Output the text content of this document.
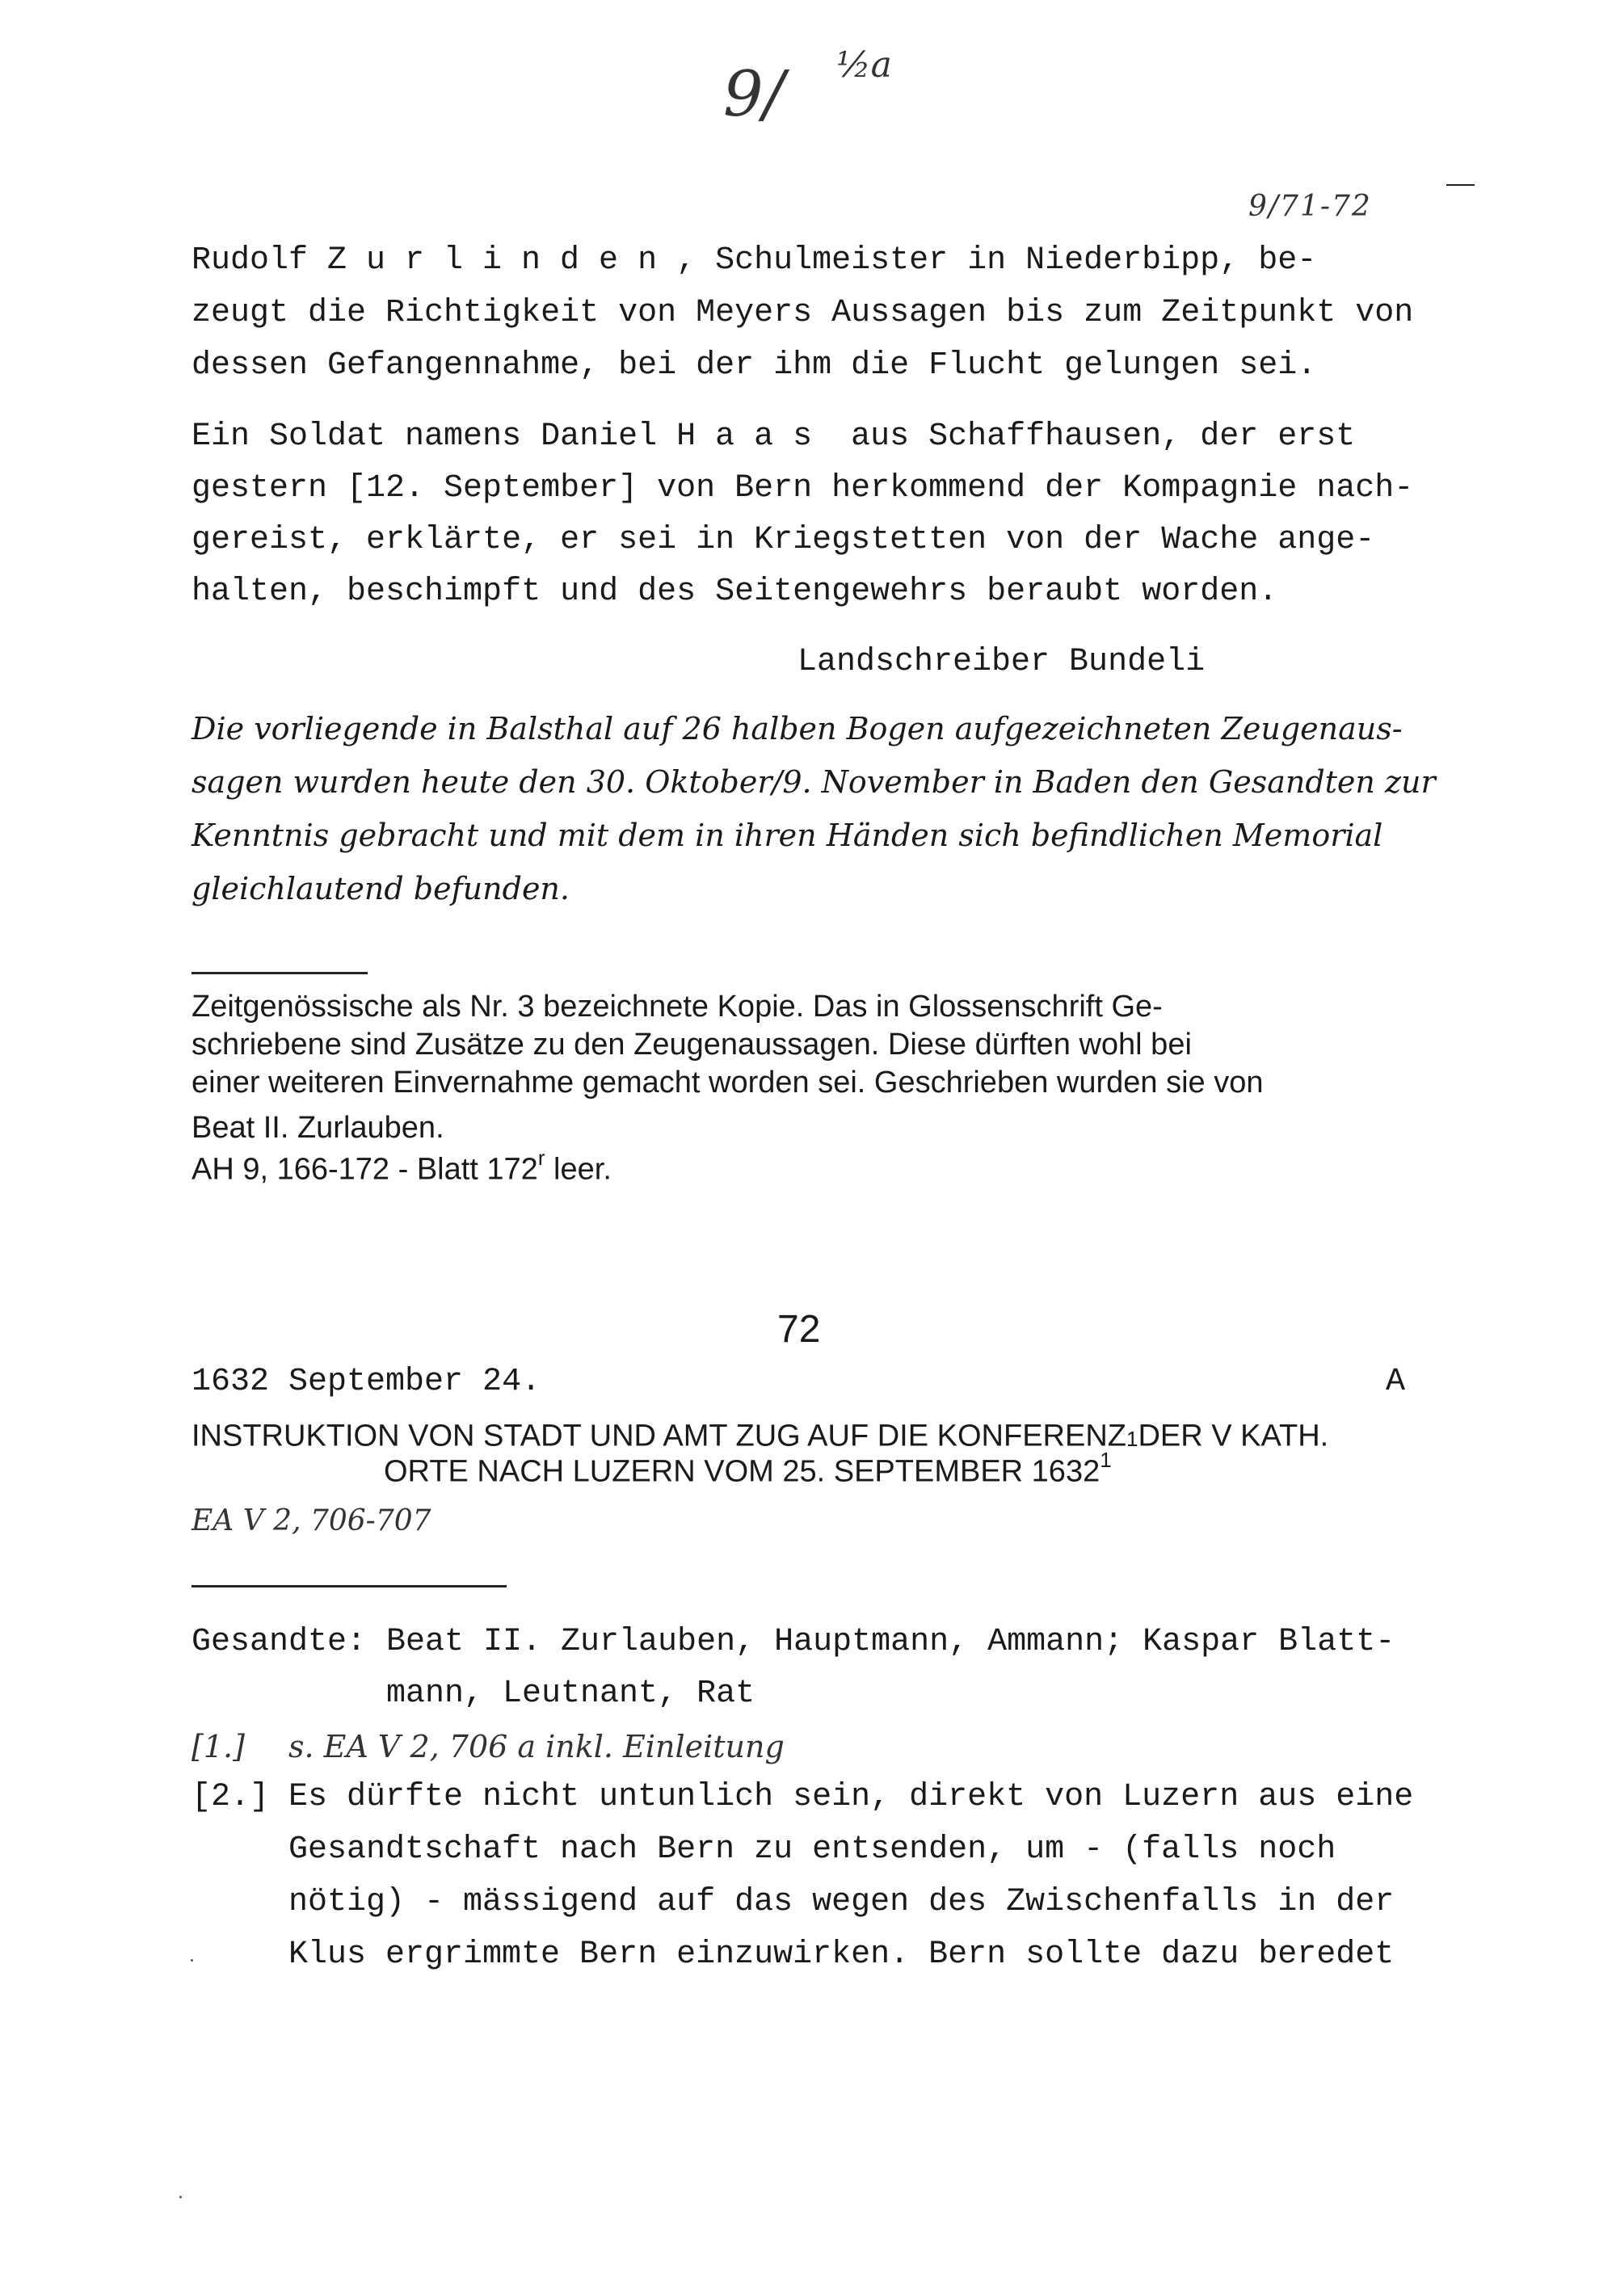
9/ ½a
9/71-72
Rudolf Zurlinden, Schulmeister in Niederbipp, be-
zeugt die Richtigkeit von Meyers Aussagen bis zum Zeitpunkt von
dessen Gefangennahme, bei der ihm die Flucht gelungen sei.
Ein Soldat namens Daniel Haas aus Schaffhausen, der erst
gestern [12. September] von Bern herkommend der Kompagnie nach-
gereist, erklärte, er sei in Kriegstetten von der Wache ange-
halten, beschimpft und des Seitengewehrs beraubt worden.
Landschreiber Bundeli
Die vorliegende in Balsthal auf 26 halben Bogen aufgezeichneten Zeugenaus-
sagen wurden heute den 30. Oktober/9. November in Baden den Gesandten zur
Kenntnis gebracht und mit dem in ihren Händen sich befindlichen Memorial
gleichlautend befunden.
Zeitgenössische als Nr. 3 bezeichnete Kopie. Das in Glossenschrift Ge-
schriebene sind Zusätze zu den Zeugenaussagen. Diese dürften wohl bei
einer weiteren Einvernahme gemacht worden sei. Geschrieben wurden sie von
Beat II. Zurlauben.
AH 9, 166-172 - Blatt 172$^r$ leer.
72
1632 September 24.	A
INSTRUKTION VON STADT UND AMT ZUG AUF DIE KONFERENZ$^1$DER V KATH.
ORTE NACH LUZERN VOM 25. SEPTEMBER 1632$^1$
EA V 2, 706-707
Gesandte: Beat II. Zurlauben, Hauptmann, Ammann; Kaspar Blatt-
mann, Leutnant, Rat
[1.] s. EA V 2, 706 a inkl. Einleitung
[2.] Es dürfte nicht untunlich sein, direkt von Luzern aus eine
Gesandtschaft nach Bern zu entsenden, um - (falls noch
nötig) - mässigend auf das wegen des Zwischenfalls in der
Klus ergrimmte Bern einzuwirken. Bern sollte dazu beredet
